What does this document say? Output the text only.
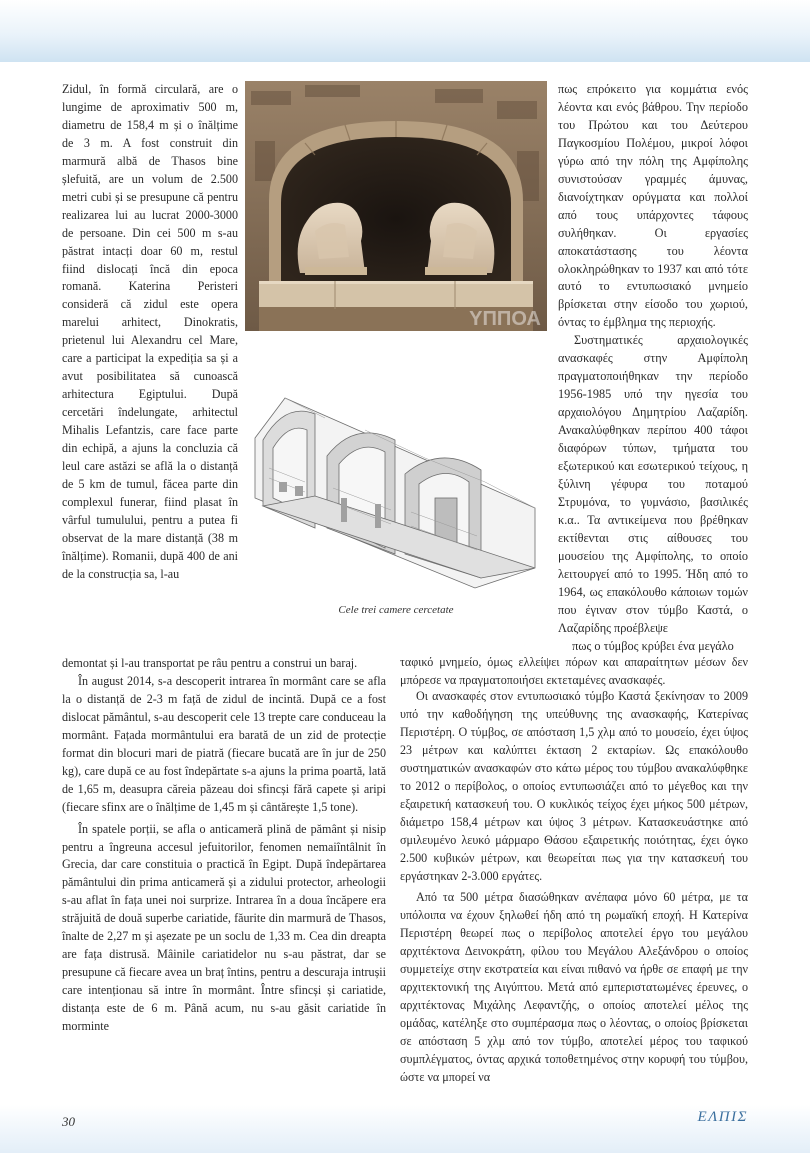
Zidul, în formă circulară, are o lungime de aproximativ 500 m, diametru de 158,4 m și o înălțime de 3 m. A fost construit din marmură albă de Thasos bine șlefuită, are un volum de 2.500 metri cubi și se presupune că pentru realizarea lui au lucrat 2000-3000 de persoane. Din cei 500 m s-au păstrat intacți doar 60 m, restul fiind dislocați încă din epoca romană. Katerina Peristeri consideră că zidul este opera marelui arhitect, Dinokratis, prietenul lui Alexandru cel Mare, care a participat la expediția sa și a avut posibilitatea să cunoască arhitectura Egiptului. După cercetări îndelungate, arhitectul Mihalis Lefantzis, care face parte din echipă, a ajuns la concluzia că leul care astăzi se află la o distanță de 5 km de tumul, făcea parte din complexul funerar, fiind plasat în vârful tumulului, pentru a putea fi observat de la mare distanță (38 m înălțime). Romanii, după 400 de ani de la construcția sa, l-au

ΥΠΠΟΑ
Cele trei camere cercetate

demontat și l-au transportat pe râu pentru a construi un baraj.

În august 2014, s-a descoperit intrarea în mormânt care se afla la o distanță de 2-3 m față de zidul de incintă. După ce a fost dislocat pământul, s-au descoperit cele 13 trepte care conduceau la mormânt. Fațada mormântului era barată de un zid de protecție format din blocuri mari de piatră (fiecare bucată are în jur de 250 kg), care după ce au fost îndepărtate s-a ajuns la prima poartă, lată de 1,65 m, deasupra căreia păzeau doi sfincși fără capete și aripi (fiecare sfinx are o înălțime de 1,45 m și cântărește 1,5 tone).

În spatele porții, se afla o anticameră plină de pământ și nisip pentru a îngreuna accesul jefuitorilor, fenomen nemaiîntâlnit în Grecia, dar care constituia o practică în Egipt. După îndepărtarea pământului din prima anticameră și a zidului protector, arheologii s-au aflat în fața unei noi surprize. Intrarea în a doua încăpere era străjuită de două superbe cariatide, făurite din marmură de Thasos, înalte de 2,27 m și așezate pe un soclu de 1,33 m. Cea din dreapta are fața distrusă. Mâinile cariatidelor nu s-au păstrat, dar se presupune că fiecare avea un braț întins, pentru a descuraja intrușii care intenționau să intre în mormânt. Între sfincși și cariatide, distanța este de 6 m. Până acum, nu s-au găsit cariatide în morminte

πως επρόκειτο για κομμάτια ενός λέοντα και ενός βάθρου. Την περίοδο του Πρώτου και του Δεύτερου Παγκοσμίου Πολέμου, μικροί λόφοι γύρω από την πόλη της Αμφίπολης συνιστούσαν γραμμές άμυνας, διανοίχτηκαν ορύγματα και πολλοί από τους υπάρχοντες τάφους συλήθηκαν. Οι εργασίες αποκατάστασης του λέοντα ολοκληρώθηκαν το 1937 και από τότε αυτό το εντυπωσιακό μνημείο βρίσκεται στην είσοδο του χωριού, όντας το έμβλημα της περιοχής.

Συστηματικές αρχαιολογικές ανασκαφές στην Αμφίπολη πραγματοποιήθηκαν την περίοδο 1956-1985 υπό την ηγεσία του αρχαιολόγου Δημητρίου Λαζαρίδη. Ανακαλύφθηκαν περίπου 400 τάφοι διαφόρων τύπων, τμήματα του εξωτερικού και εσωτερικού τείχους, η ξύλινη γέφυρα του ποταμού Στρυμόνα, το γυμνάσιο, βασιλικές κ.α.. Τα αντικείμενα που βρέθηκαν εκτίθενται στις αίθουσες του μουσείου της Αμφίπολης, το οποίο λειτουργεί από το 1995. Ήδη από το 1964, ως επακόλουθο κάποιων τομών που έγιναν στον τύμβο Καστά, ο Λαζαρίδης προέβλεψε

πως ο τύμβος κρύβει ένα μεγάλο

ταφικό μνημείο, όμως ελλείψει πόρων και απαραίτητων μέσων δεν μπόρεσε να πραγματοποιήσει εκτεταμένες ανασκαφές.

Οι ανασκαφές στον εντυπωσιακό τύμβο Καστά ξεκίνησαν το 2009 υπό την καθοδήγηση της υπεύθυνης της ανασκαφής, Κατερίνας Περιστέρη. Ο τύμβος, σε απόσταση 1,5 χλμ από το μουσείο, έχει ύψος 23 μέτρων και καλύπτει έκταση 2 εκταρίων. Ως επακόλουθο συστηματικών ανασκαφών στο κάτω μέρος του τύμβου ανακαλύφθηκε το 2012 ο περίβολος, ο οποίος εντυπωσιάζει από το μέγεθος και την εξαιρετική κατασκευή του. Ο κυκλικός τείχος έχει μήκος 500 μέτρων, διάμετρο 158,4 μέτρων και ύψος 3 μέτρων. Κατασκευάστηκε από σμιλευμένο λευκό μάρμαρο Θάσου εξαιρετικής ποιότητας, έχει όγκο 2.500 κυβικών μέτρων, και θεωρείται πως για την κατασκευή του εργάστηκαν 2-3.000 εργάτες.

Από τα 500 μέτρα διασώθηκαν ανέπαφα μόνο 60 μέτρα, με τα υπόλοιπα να έχουν ξηλωθεί ήδη από τη ρωμαϊκή εποχή. Η Κατερίνα Περιστέρη θεωρεί πως ο περίβολος αποτελεί έργο του μεγάλου αρχιτέκτονα Δεινοκράτη, φίλου του Μεγάλου Αλεξάνδρου ο οποίος συμμετείχε στην εκστρατεία και είναι πιθανό να ήρθε σε επαφή με την αρχιτεκτονική της Αιγύπτου. Μετά από εμπεριστατωμένες έρευνες, ο αρχιτέκτονας Μιχάλης Λεφαντζής, ο οποίος αποτελεί μέλος της ομάδας, κατέληξε στο συμπέρασμα πως ο λέοντας, ο οποίος βρίσκεται σε απόσταση 5 χλμ από τον τύμβο, αποτελεί μέρος του ταφικού συμπλέγματος, όντας αρχικά τοποθετημένος στην κορυφή του τύμβου, ώστε να μπορεί να

30	ΕΛΠΙΣ
